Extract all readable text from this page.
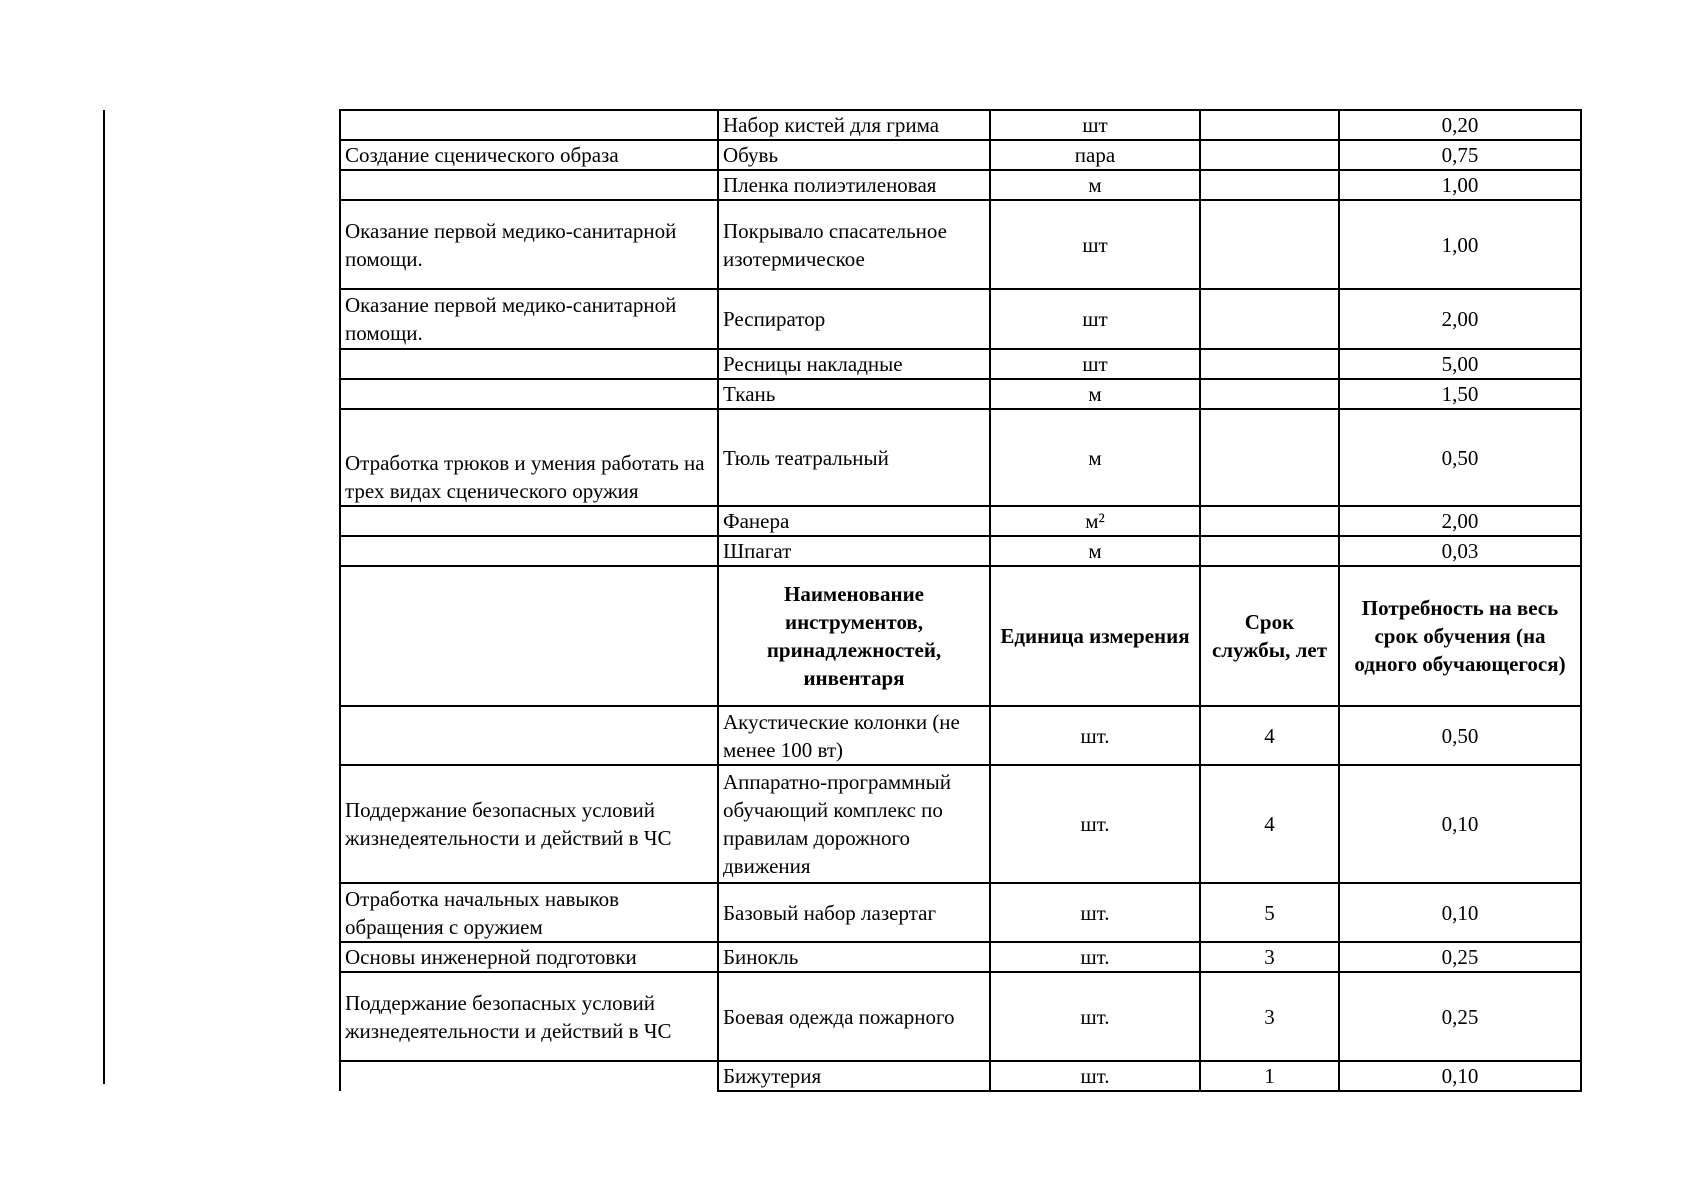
	Набор кистей для грима	шт		0,20
Создание сценического образа	Обувь	пара		0,75
	Пленка полиэтиленовая	м		1,00
Оказание первой медико-санитарной помощи.	Покрывало спасательное изотермическое	шт		1,00
Оказание первой медико-санитарной помощи.	Респиратор	шт		2,00
	Ресницы накладные	шт		5,00
	Ткань	м		1,50
Отработка трюков и умения работать на трех видах сценического оружия	Тюль театральный	м		0,50
	Фанера	м²		2,00
	Шпагат	м		0,03
	Наименование инструментов, принадлежностей, инвентаря	Единица измерения	Срок службы, лет	Потребность на весь срок обучения (на одного обучающегося)
	Акустические колонки (не менее 100 вт)	шт.	4	0,50
Поддержание безопасных условий жизнедеятельности и действий в ЧС	Аппаратно-программный обучающий комплекс по правилам дорожного движения	шт.	4	0,10
Отработка начальных навыков обращения с оружием	Базовый набор лазертаг	шт.	5	0,10
Основы инженерной подготовки	Бинокль	шт.	3	0,25
Поддержание безопасных условий жизнедеятельности и действий в ЧС	Боевая одежда пожарного	шт.	3	0,25
	Бижутерия	шт.	1	0,10
